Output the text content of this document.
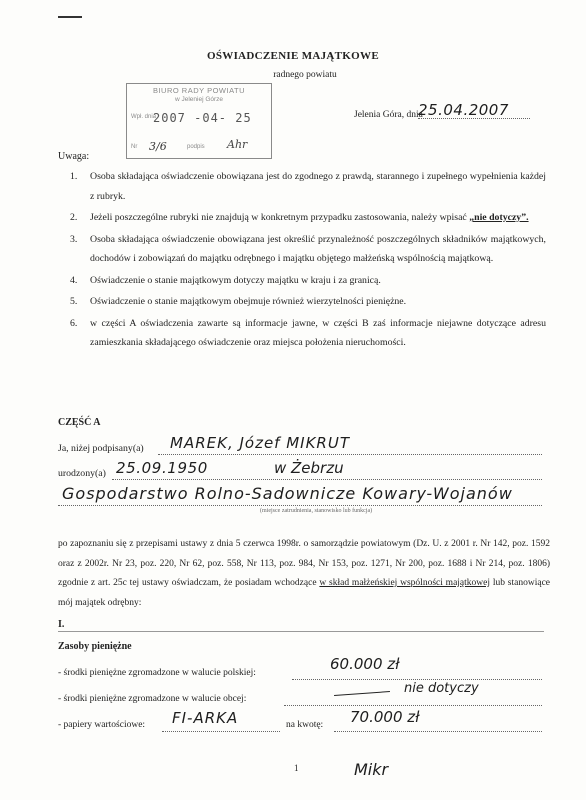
OŚWIADCZENIE MAJĄTKOWE
radnego powiatu
BIURO RADY POWIATU
w Jeleniej Górze
Wpł. dnia
2007 -04- 25
Nr 3/6	podpis Ahr
Jelenia Góra, dnia
25.04.2007
Uwaga:
1.	Osoba składająca oświadczenie obowiązana jest do zgodnego z prawdą, starannego i zupełnego wypełnienia każdej z rubryk.
2.	Jeżeli poszczególne rubryki nie znajdują w konkretnym przypadku zastosowania, należy wpisać „nie dotyczy”.
3.	Osoba składająca oświadczenie obowiązana jest określić przynależność poszczególnych składników majątkowych, dochodów i zobowiązań do majątku odrębnego i majątku objętego małżeńską wspólnością majątkową.
4.	Oświadczenie o stanie majątkowym dotyczy majątku w kraju i za granicą.
5.	Oświadczenie o stanie majątkowym obejmuje również wierzytelności pieniężne.
6.	w części A oświadczenia zawarte są informacje jawne, w części B zaś informacje niejawne dotyczące adresu zamieszkania składającego oświadczenie oraz miejsca położenia nieruchomości.
CZĘŚĆ A
Ja, niżej podpisany(a) MAREK, Józef MIKRUT
urodzony(a) 25.09.1950	w Żebrzu
Gospodarstwo Rolno-Sadownicze Kowary-Wojanów
(miejsce zatrudnienia, stanowisko lub funkcja)
po zapoznaniu się z przepisami ustawy z dnia 5 czerwca 1998r. o samorządzie powiatowym (Dz. U. z 2001 r. Nr 142, poz. 1592 oraz z 2002r. Nr 23, poz. 220, Nr 62, poz. 558, Nr 113, poz. 984, Nr 153, poz. 1271, Nr 200, poz. 1688 i Nr 214, poz. 1806) zgodnie z art. 25c tej ustawy oświadczam, że posiadam wchodzące w skład małżeńskiej wspólności majątkowej lub stanowiące mój majątek odrębny:
I.
Zasoby pieniężne
- środki pieniężne zgromadzone w walucie polskiej:	60.000 zł
- środki pieniężne zgromadzone w walucie obcej:
nie dotyczy
- papiery wartościowe: FI-ARKA	na kwotę: 70.000 zł
1	Mikr
